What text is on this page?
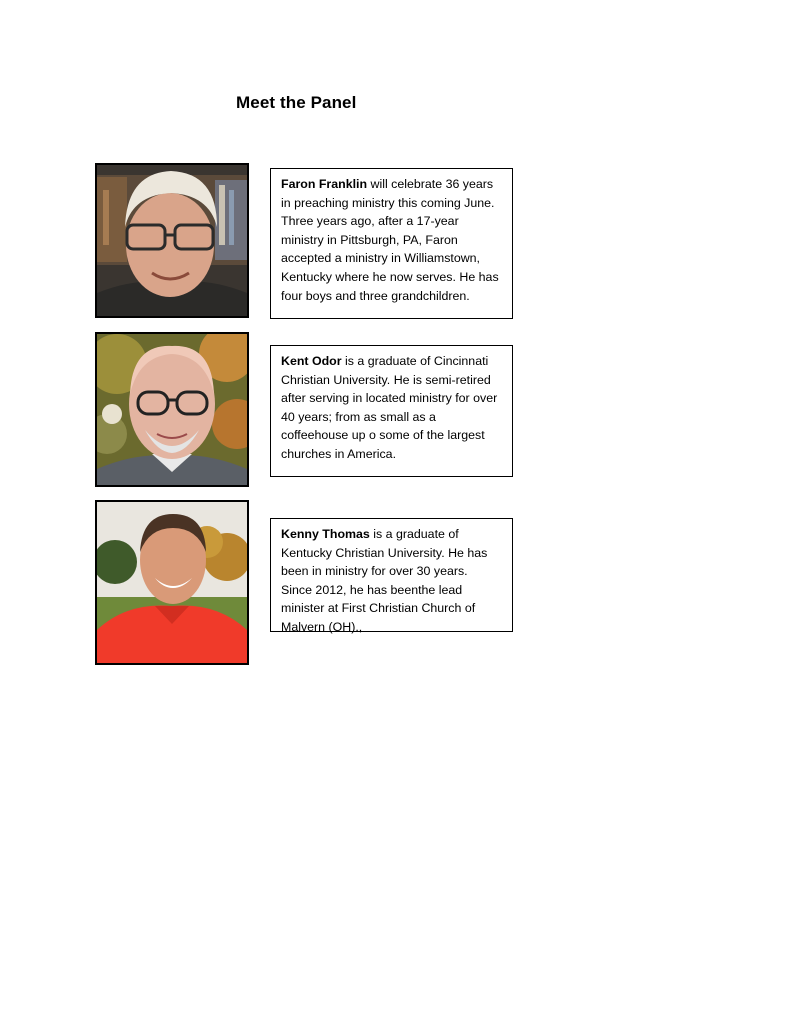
Meet the Panel
Faron Franklin will celebrate 36 years in preaching ministry this coming June. Three years ago, after a 17-year ministry in Pittsburgh, PA, Faron accepted a ministry in Williamstown, Kentucky where he now serves. He has four boys and three grandchildren.
Kent Odor is a graduate of Cincinnati Christian University. He is semi-retired after serving in located ministry for over 40 years; from as small as a coffeehouse up o some of the largest churches in America.
Kenny Thomas is a graduate of Kentucky Christian University. He has been in ministry for over 30 years. Since 2012, he has beenthe lead minister at First Christian Church of Malvern (OH).,
